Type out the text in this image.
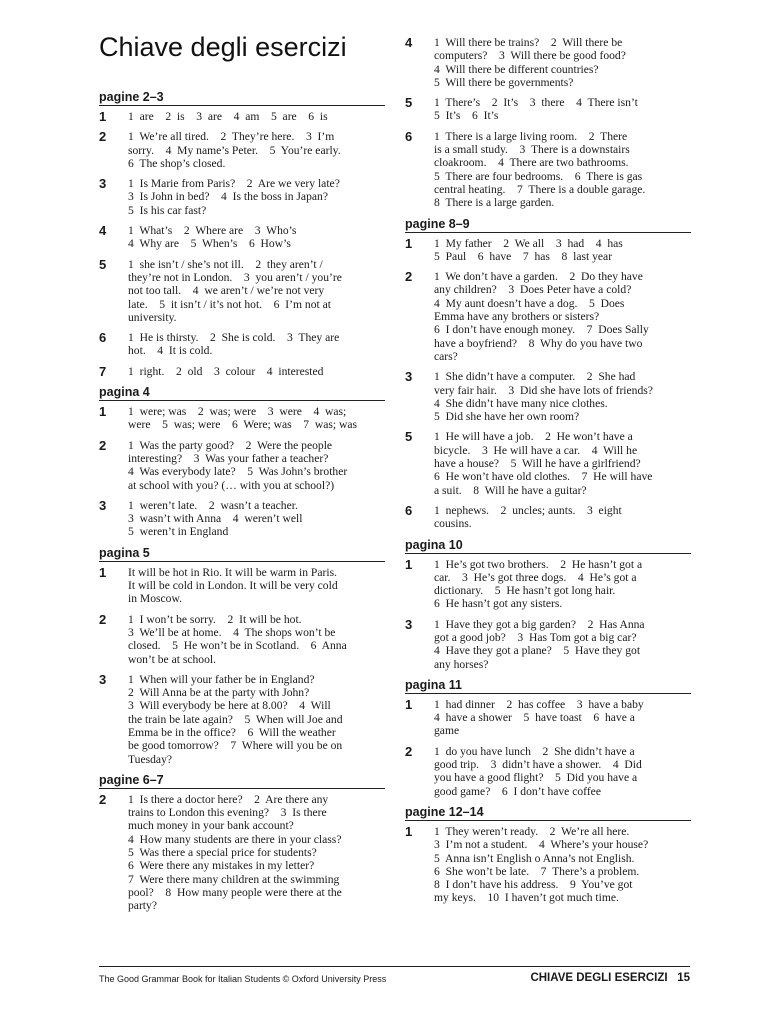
Chiave degli esercizi
pagine 2–3
1	1  are    2  is    3  are    4  am    5  are    6  is
2	1  We’re all tired.    2  They’re here.    3  I’m
sorry.    4  My name’s Peter.    5  You’re early.
6  The shop’s closed.
3	1  Is Marie from Paris?    2  Are we very late?
3  Is John in bed?    4  Is the boss in Japan?
5  Is his car fast?
4	1  What’s    2  Where are    3  Who’s
4  Why are    5  When’s    6  How’s
5	1  she isn’t / she’s not ill.    2  they aren’t /
they’re not in London.    3  you aren’t / you’re
not too tall.    4  we aren’t / we’re not very
late.    5  it isn’t / it’s not hot.    6  I’m not at
university.
6	1  He is thirsty.    2  She is cold.    3  They are
hot.    4  It is cold.
7	1  right.    2  old    3  colour    4  interested
pagina 4
1	1  were; was    2  was; were    3  were    4  was;
were    5  was; were    6  Were; was    7  was; was
2	1  Was the party good?    2  Were the people
interesting?    3  Was your father a teacher?
4  Was everybody late?    5  Was John’s brother
at school with you? (… with you at school?)
3	1  weren’t late.    2  wasn’t a teacher.
3  wasn’t with Anna    4  weren’t well
5  weren’t in England
pagina 5
1	It will be hot in Rio. It will be warm in Paris.
It will be cold in London. It will be very cold
in Moscow.
2	1  I won’t be sorry.    2  It will be hot.
3  We’ll be at home.    4  The shops won’t be
closed.    5  He won’t be in Scotland.    6  Anna
won’t be at school.
3	1  When will your father be in England?
2  Will Anna be at the party with John?
3  Will everybody be here at 8.00?    4  Will
the train be late again?    5  When will Joe and
Emma be in the office?    6  Will the weather
be good tomorrow?    7  Where will you be on
Tuesday?
pagine 6–7
2	1  Is there a doctor here?    2  Are there any
trains to London this evening?    3  Is there
much money in your bank account?
4  How many students are there in your class?
5  Was there a special price for students?
6  Were there any mistakes in my letter?
7  Were there many children at the swimming
pool?    8  How many people were there at the
party?
4	1  Will there be trains?    2  Will there be
computers?    3  Will there be good food?
4  Will there be different countries?
5  Will there be governments?
5	1  There’s    2  It’s    3  there    4  There isn’t
5  It’s    6  It’s
6	1  There is a large living room.    2  There
is a small study.    3  There is a downstairs
cloakroom.    4  There are two bathrooms.
5  There are four bedrooms.    6  There is gas
central heating.    7  There is a double garage.
8  There is a large garden.
pagine 8–9
1	1  My father    2  We all    3  had    4  has
5  Paul    6  have    7  has    8  last year
2	1  We don’t have a garden.    2  Do they have
any children?    3  Does Peter have a cold?
4  My aunt doesn’t have a dog.    5  Does
Emma have any brothers or sisters?
6  I don’t have enough money.    7  Does Sally
have a boyfriend?    8  Why do you have two
cars?
3	1  She didn’t have a computer.    2  She had
very fair hair.    3  Did she have lots of friends?
4  She didn’t have many nice clothes.
5  Did she have her own room?
5	1  He will have a job.    2  He won’t have a
bicycle.    3  He will have a car.    4  Will he
have a house?    5  Will he have a girlfriend?
6  He won’t have old clothes.    7  He will have
a suit.    8  Will he have a guitar?
6	1  nephews.    2  uncles; aunts.    3  eight
cousins.
pagina 10
1	1  He’s got two brothers.    2  He hasn’t got a
car.    3  He’s got three dogs.    4  He’s got a
dictionary.    5  He hasn’t got long hair.
6  He hasn’t got any sisters.
3	1  Have they got a big garden?    2  Has Anna
got a good job?    3  Has Tom got a big car?
4  Have they got a plane?    5  Have they got
any horses?
pagina 11
1	1  had dinner    2  has coffee    3  have a baby
4  have a shower    5  have toast    6  have a
game
2	1  do you have lunch    2  She didn’t have a
good trip.    3  didn’t have a shower.    4  Did
you have a good flight?    5  Did you have a
good game?    6  I don’t have coffee
pagine 12–14
1	1  They weren’t ready.    2  We’re all here.
3  I’m not a student.    4  Where’s your house?
5  Anna isn’t English o Anna’s not English.
6  She won’t be late.    7  There’s a problem.
8  I don’t have his address.    9  You’ve got
my keys.    10  I haven’t got much time.
The Good Grammar Book for Italian Students © Oxford University Press	CHIAVE DEGLI ESERCIZI 15
